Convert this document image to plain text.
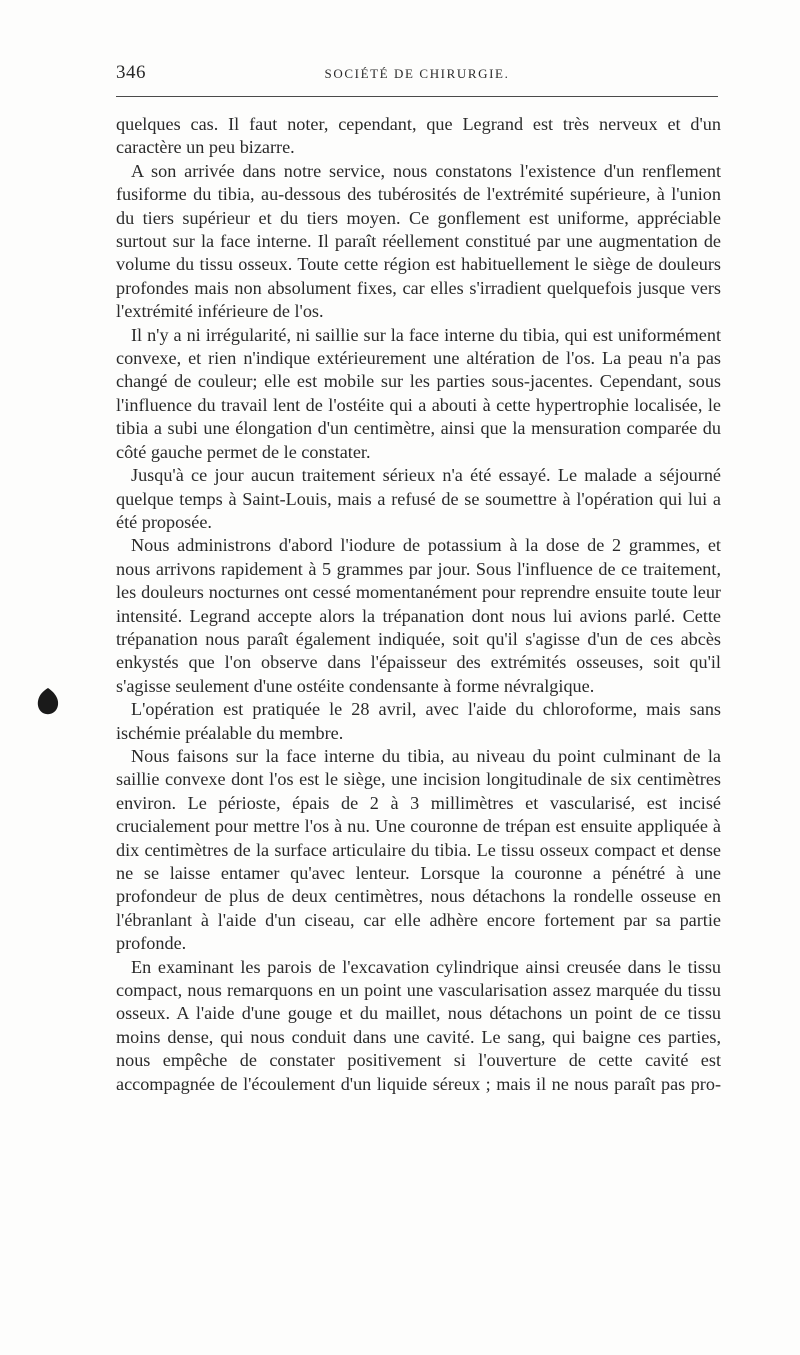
346	SOCIÉTÉ DE CHIRURGIE.

quelques cas. Il faut noter, cependant, que Legrand est très nerveux et d'un caractère un peu bizarre.

A son arrivée dans notre service, nous constatons l'existence d'un renflement fusiforme du tibia, au-dessous des tubérosités de l'extrémité supérieure, à l'union du tiers supérieur et du tiers moyen. Ce gonflement est uniforme, appréciable surtout sur la face interne. Il paraît réellement constitué par une augmentation de volume du tissu osseux. Toute cette région est habituellement le siège de douleurs profondes mais non absolument fixes, car elles s'irradient quelquefois jusque vers l'extrémité inférieure de l'os.

Il n'y a ni irrégularité, ni saillie sur la face interne du tibia, qui est uniformément convexe, et rien n'indique extérieurement une altération de l'os. La peau n'a pas changé de couleur; elle est mobile sur les parties sous-jacentes. Cependant, sous l'influence du travail lent de l'ostéite qui a abouti à cette hypertrophie localisée, le tibia a subi une élongation d'un centimètre, ainsi que la mensuration comparée du côté gauche permet de le constater.

Jusqu'à ce jour aucun traitement sérieux n'a été essayé. Le malade a séjourné quelque temps à Saint-Louis, mais a refusé de se soumettre à l'opération qui lui a été proposée.

Nous administrons d'abord l'iodure de potassium à la dose de 2 grammes, et nous arrivons rapidement à 5 grammes par jour. Sous l'influence de ce traitement, les douleurs nocturnes ont cessé momentanément pour reprendre ensuite toute leur intensité. Legrand accepte alors la trépanation dont nous lui avions parlé. Cette trépanation nous paraît également indiquée, soit qu'il s'agisse d'un de ces abcès enkystés que l'on observe dans l'épaisseur des extrémités osseuses, soit qu'il s'agisse seulement d'une ostéite condensante à forme névralgique.

L'opération est pratiquée le 28 avril, avec l'aide du chloroforme, mais sans ischémie préalable du membre.

Nous faisons sur la face interne du tibia, au niveau du point culminant de la saillie convexe dont l'os est le siège, une incision longitudinale de six centimètres environ. Le périoste, épais de 2 à 3 millimètres et vascularisé, est incisé crucialement pour mettre l'os à nu. Une couronne de trépan est ensuite appliquée à dix centimètres de la surface articulaire du tibia. Le tissu osseux compact et dense ne se laisse entamer qu'avec lenteur. Lorsque la couronne a pénétré à une profondeur de plus de deux centimètres, nous détachons la rondelle osseuse en l'ébranlant à l'aide d'un ciseau, car elle adhère encore fortement par sa partie profonde.

En examinant les parois de l'excavation cylindrique ainsi creusée dans le tissu compact, nous remarquons en un point une vascularisation assez marquée du tissu osseux. A l'aide d'une gouge et du maillet, nous détachons un point de ce tissu moins dense, qui nous conduit dans une cavité. Le sang, qui baigne ces parties, nous empêche de constater positivement si l'ouverture de cette cavité est accompagnée de l'écoulement d'un liquide séreux ; mais il ne nous paraît pas pro-
